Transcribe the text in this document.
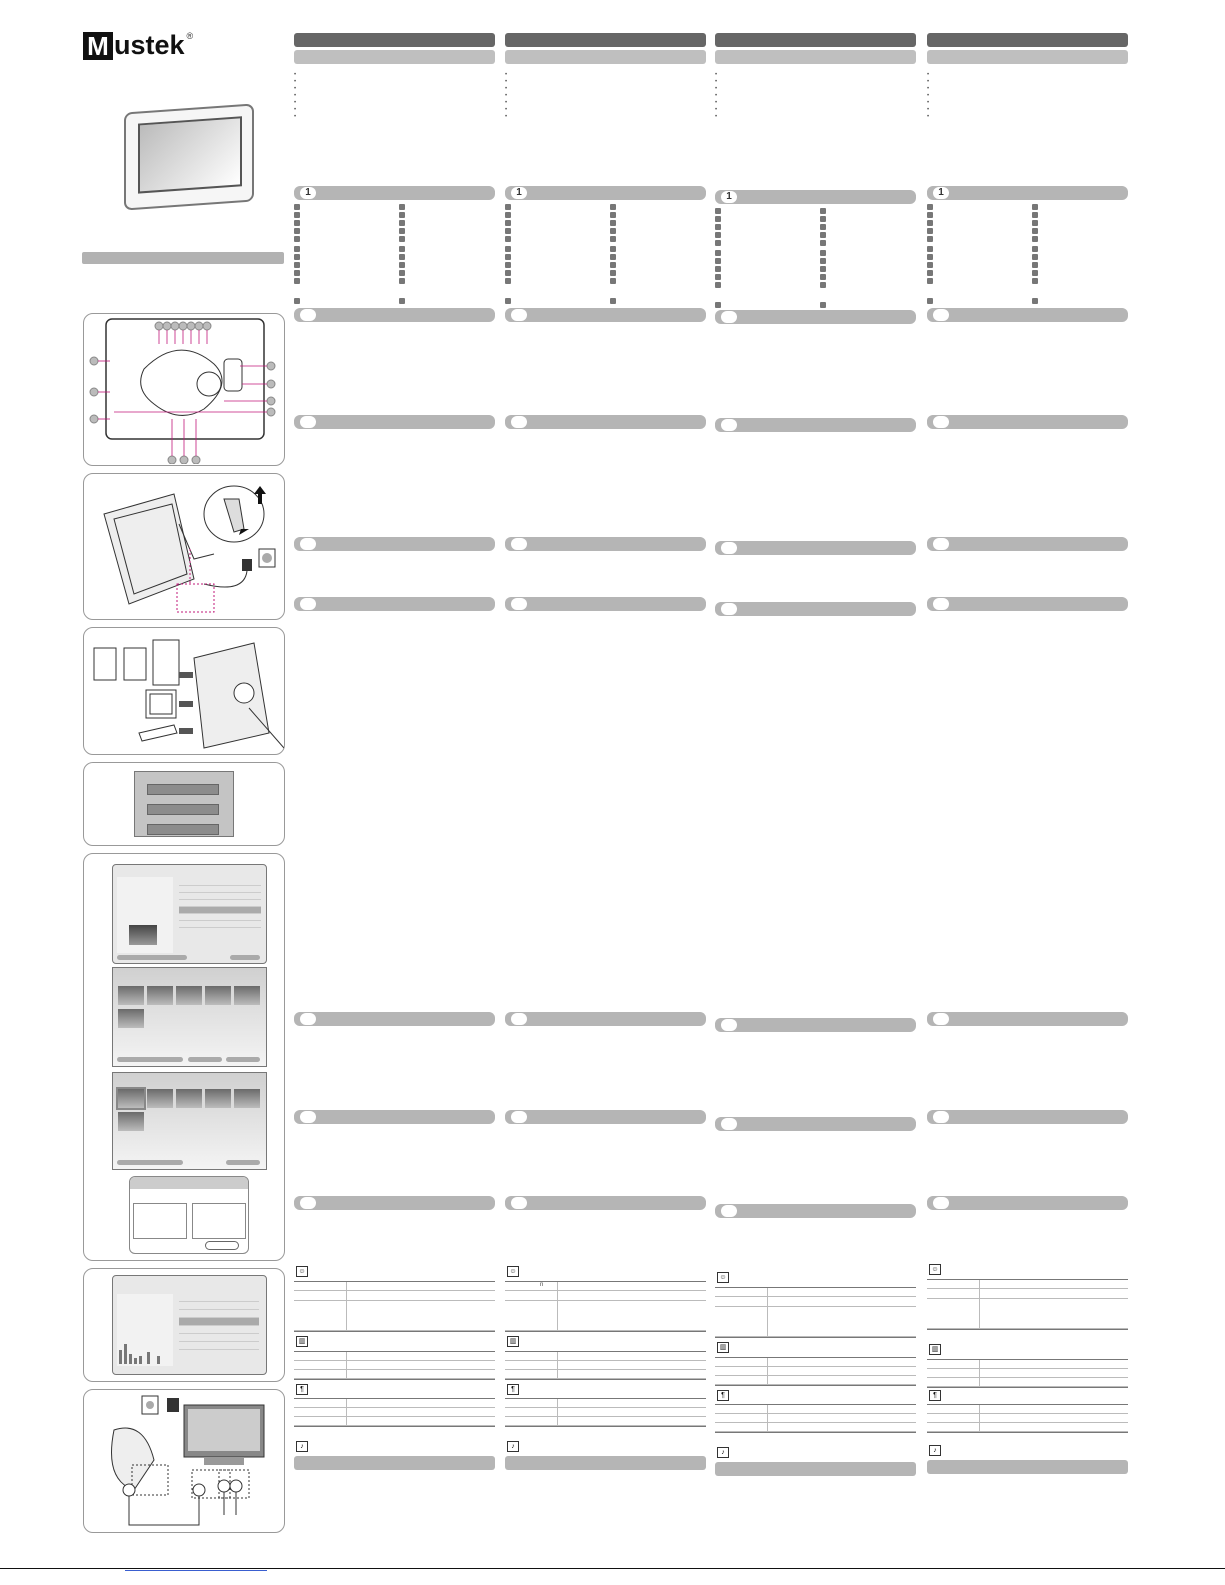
M ustek ®
•
•
•
•
•
•
•
1
☺
▥
¶
♪
•
•
•
•
•
•
•
1
☺
▥
¶
♪
•
•
•
•
•
•
•
1
☺
▥
¶
♪
•
•
•
•
•
•
•
1
☺
▥
¶
♪
n
